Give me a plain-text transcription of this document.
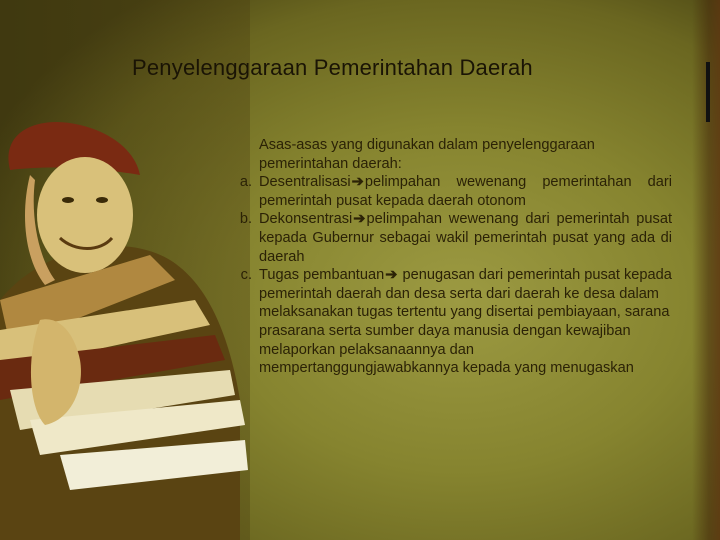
Penyelenggaraan Pemerintahan Daerah

Asas-asas yang digunakan dalam penyelenggaraan pemerintahan daerah:

a. Desentralisasi➔pelimpahan wewenang pemerintahan dari pemerintah pusat kepada daerah otonom
b. Dekonsentrasi➔pelimpahan wewenang dari pemerintah pusat kepada Gubernur sebagai wakil pemerintah pusat yang ada di daerah
c. Tugas pembantuan➔ penugasan dari pemerintah pusat kepada pemerintah daerah dan desa serta dari daerah ke desa dalam melaksanakan tugas tertentu yang disertai pembiayaan, sarana prasarana serta sumber daya manusia dengan kewajiban melaporkan pelaksanaannya dan mempertanggungjawabkannya kepada yang menugaskan
